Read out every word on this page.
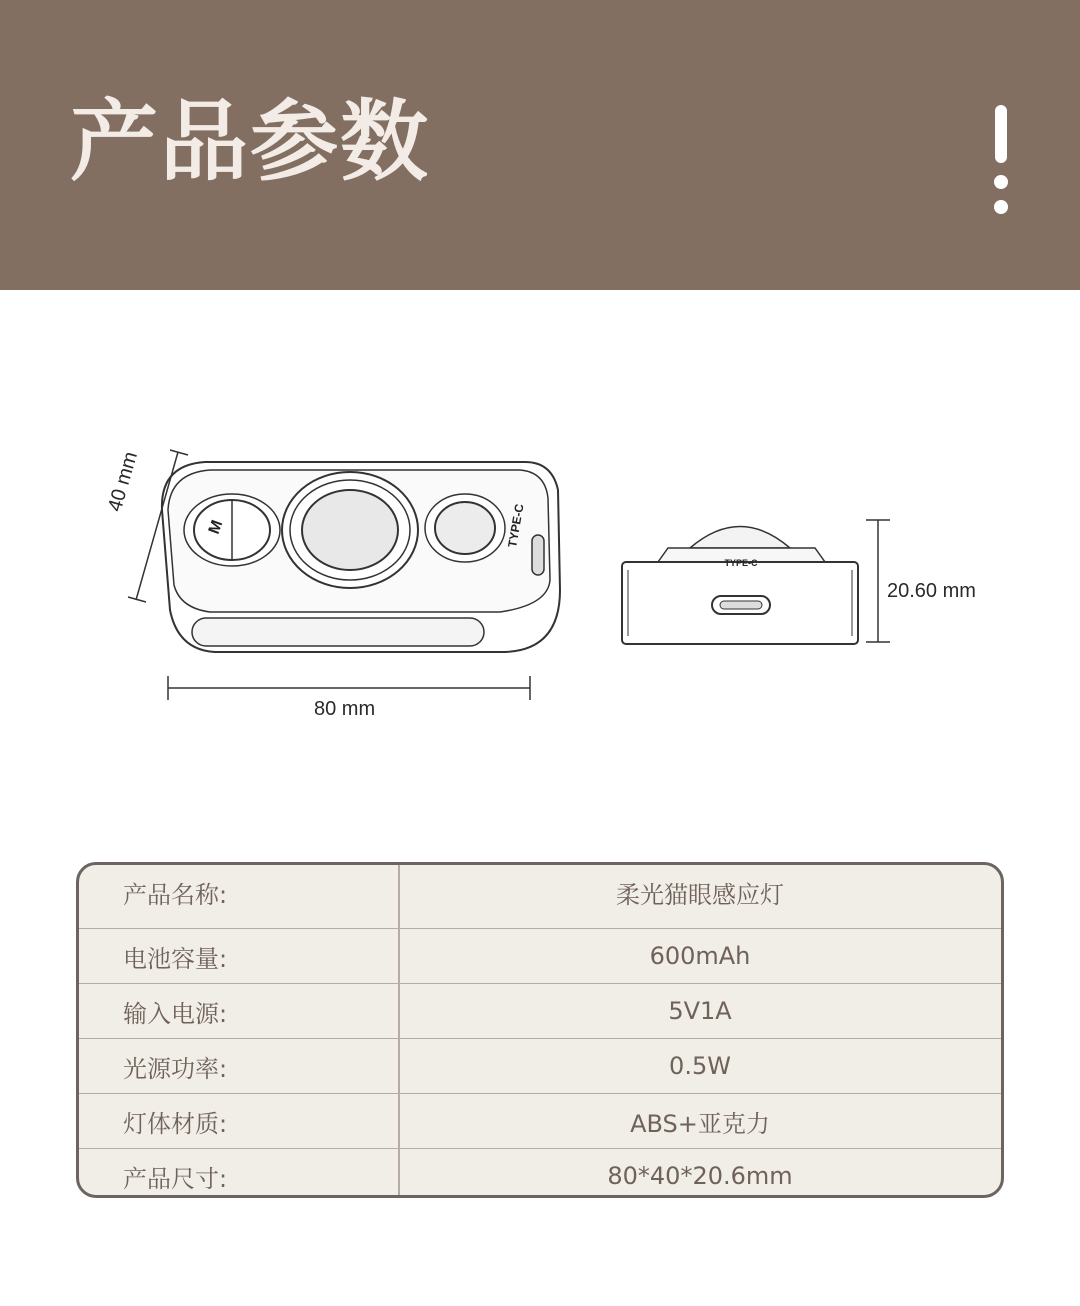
产品参数
M	TYPE-C
TYPE-C
80 mm
40 mm
20.60 mm
产品名称:	柔光猫眼感应灯
电池容量:	600mAh
输入电源:	5V1A
光源功率:	0.5W
灯体材质:	ABS+亚克力
产品尺寸:	80*40*20.6mm
